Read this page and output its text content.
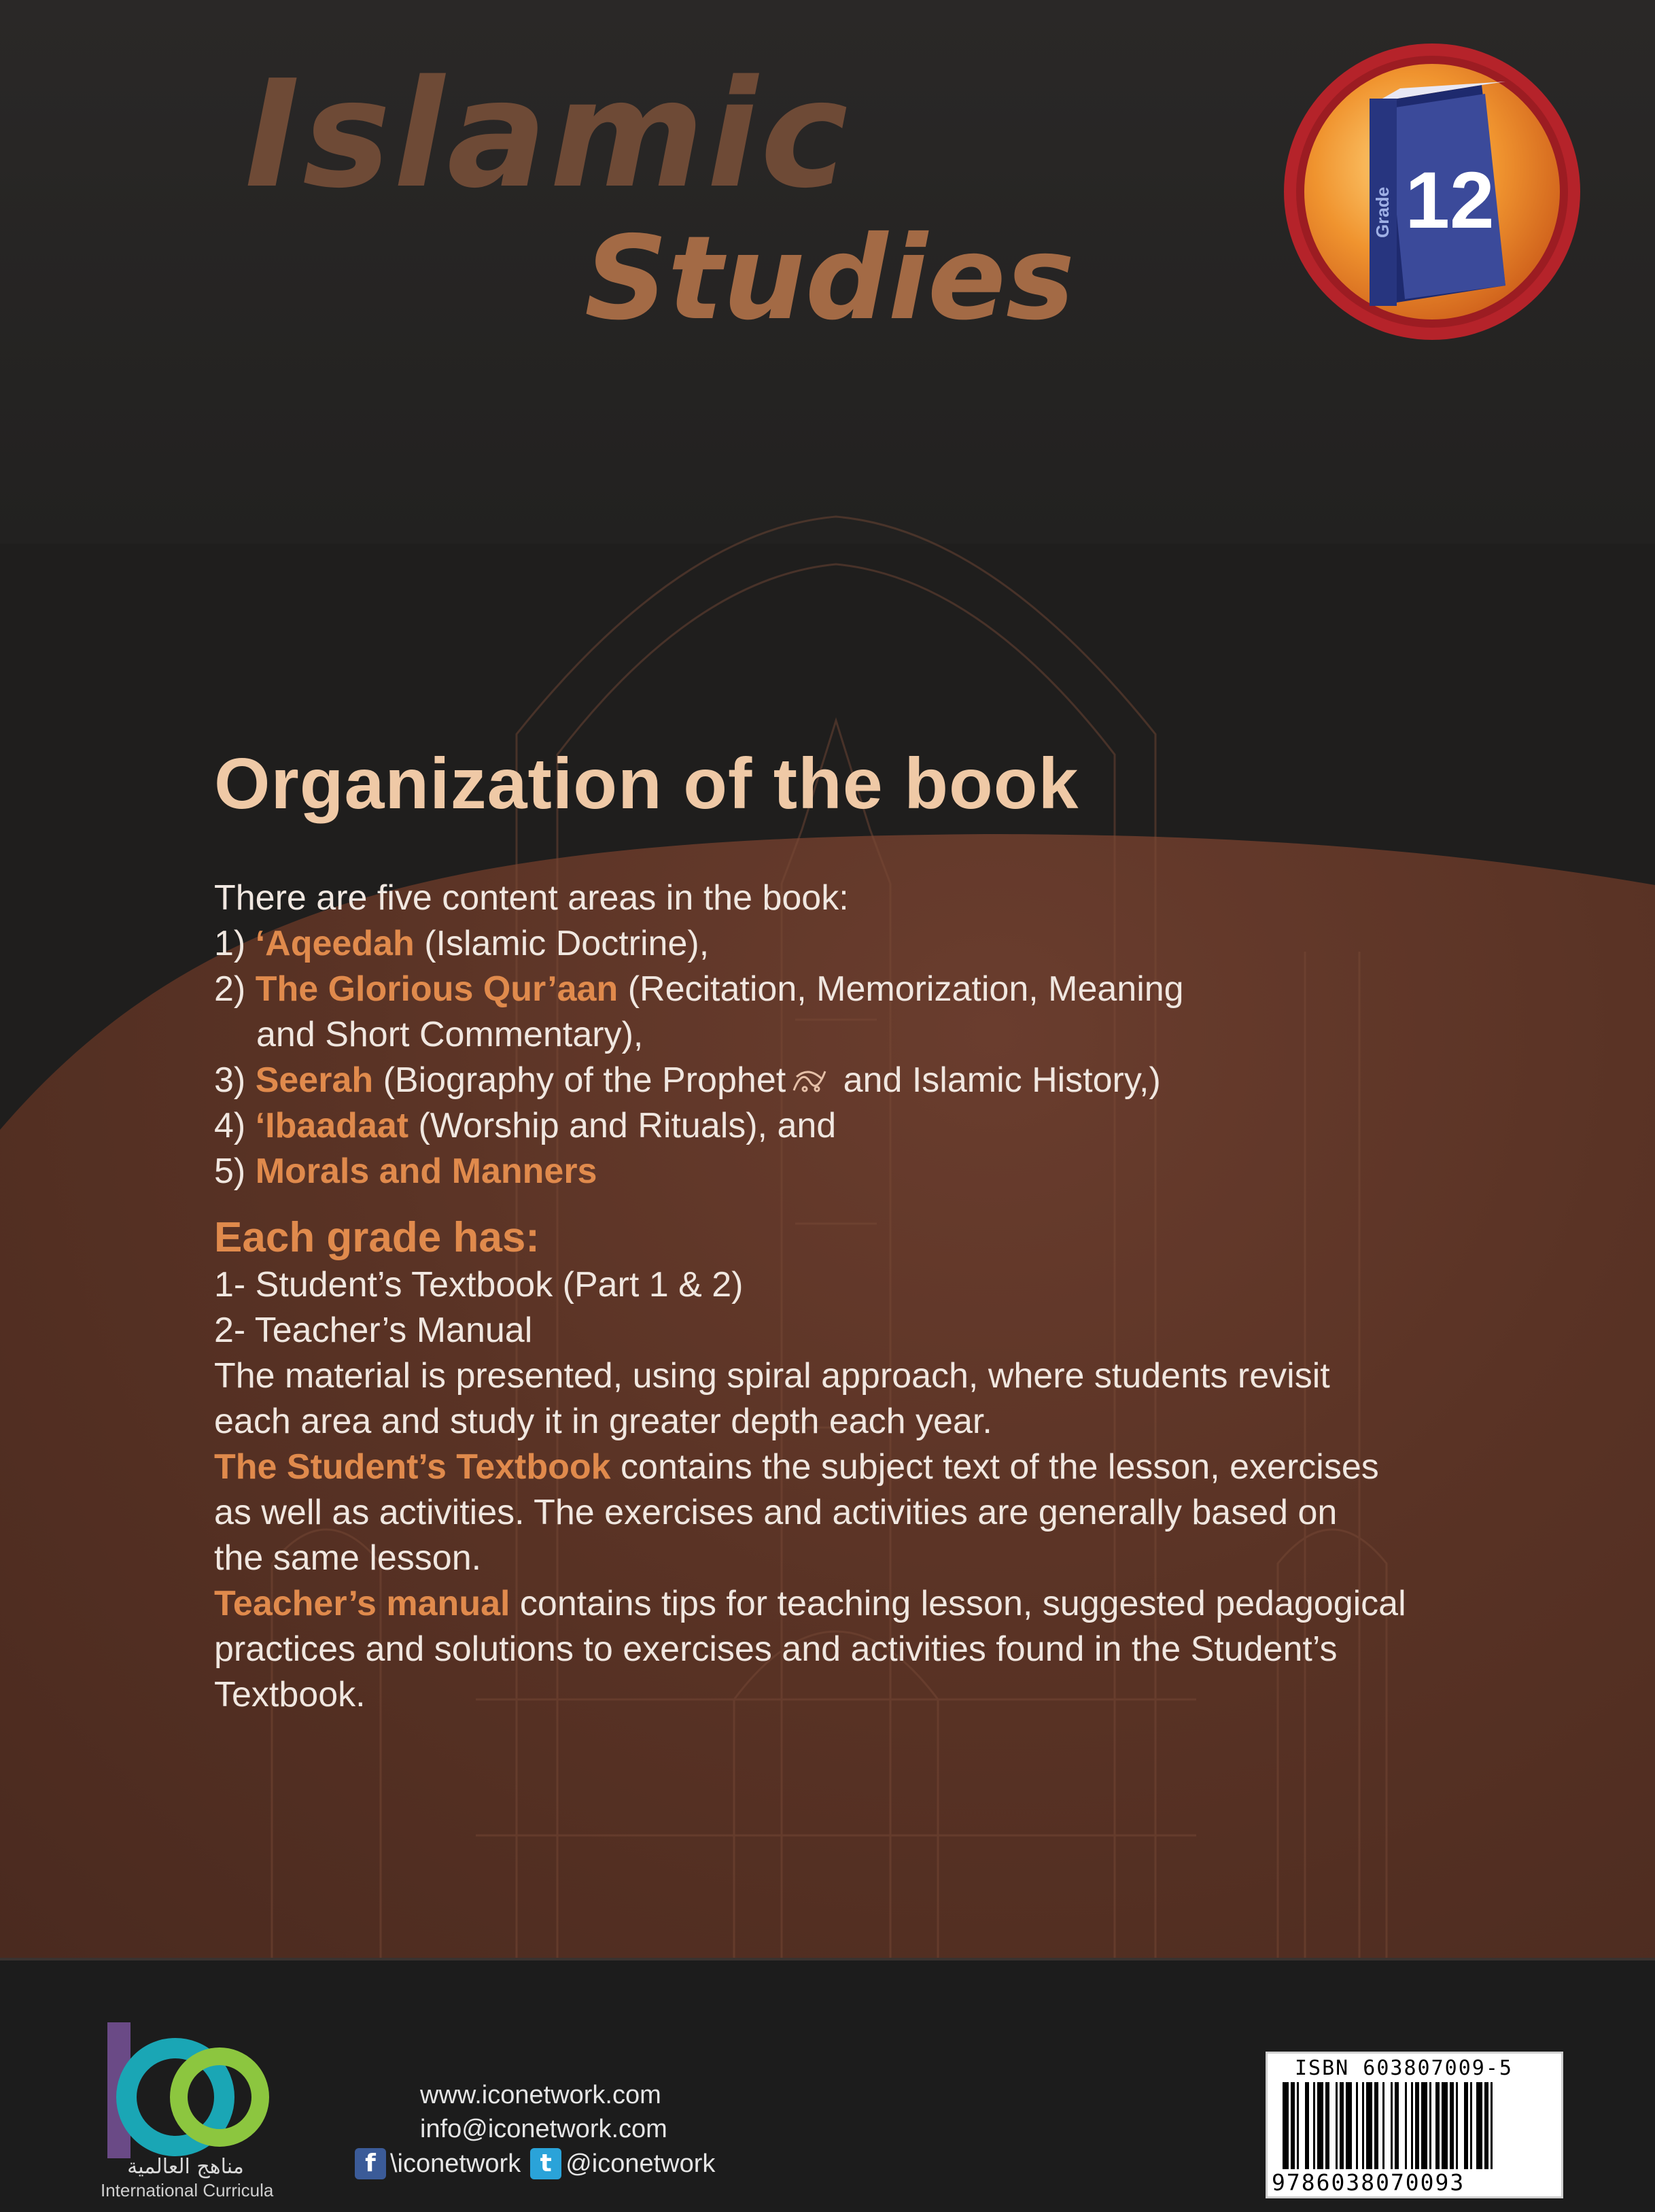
Islamic
Studies	Grade 12
Organization of the book
There are five content areas in the book:
1) ‘Aqeedah (Islamic Doctrine),
2) The Glorious Qur’aan (Recitation, Memorization, Meaning
and Short Commentary),
3) Seerah (Biography of the Prophet and Islamic History,)
4) ‘Ibaadaat (Worship and Rituals), and
5) Morals and Manners
Each grade has:
1- Student’s Textbook (Part 1 & 2)
2- Teacher’s Manual
The material is presented, using spiral approach, where students revisit
each area and study it in greater depth each year.
The Student’s Textbook contains the subject text of the lesson, exercises
as well as activities. The exercises and activities are generally based on
the same lesson.
Teacher’s manual contains tips for teaching lesson, suggested pedagogical
practices and solutions to exercises and activities found in the Student’s
Textbook.
مناهج العالمية
International Curricula
www.iconetwork.com
info@iconetwork.com
f \iconetwork t @iconetwork
ISBN 603807009-5
9786038070093
